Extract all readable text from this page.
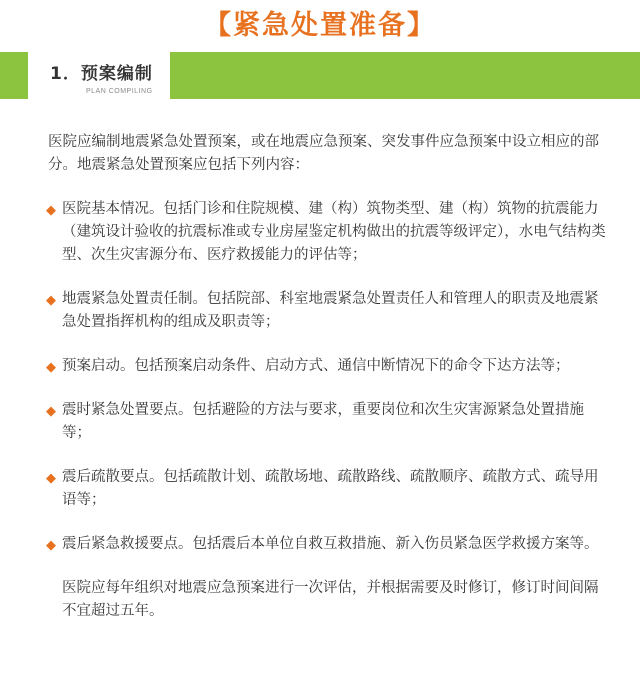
【紧急处置准备】
1．预案编制
PLAN COMPILING

医院应编制地震紧急处置预案，或在地震应急预案、突发事件应急预案中设立相应的部分。地震紧急处置预案应包括下列内容：

◆ 医院基本情况。包括门诊和住院规模、建（构）筑物类型、建（构）筑物的抗震能力（建筑设计验收的抗震标准或专业房屋鉴定机构做出的抗震等级评定），水电气结构类型、次生灾害源分布、医疗救援能力的评估等；
◆ 地震紧急处置责任制。包括院部、科室地震紧急处置责任人和管理人的职责及地震紧急处置指挥机构的组成及职责等；
◆ 预案启动。包括预案启动条件、启动方式、通信中断情况下的命令下达方法等；
◆ 震时紧急处置要点。包括避险的方法与要求，重要岗位和次生灾害源紧急处置措施等；
◆ 震后疏散要点。包括疏散计划、疏散场地、疏散路线、疏散顺序、疏散方式、疏导用语等；
◆ 震后紧急救援要点。包括震后本单位自救互救措施、新入伤员紧急医学救援方案等。

医院应每年组织对地震应急预案进行一次评估，并根据需要及时修订，修订时间间隔不宜超过五年。
